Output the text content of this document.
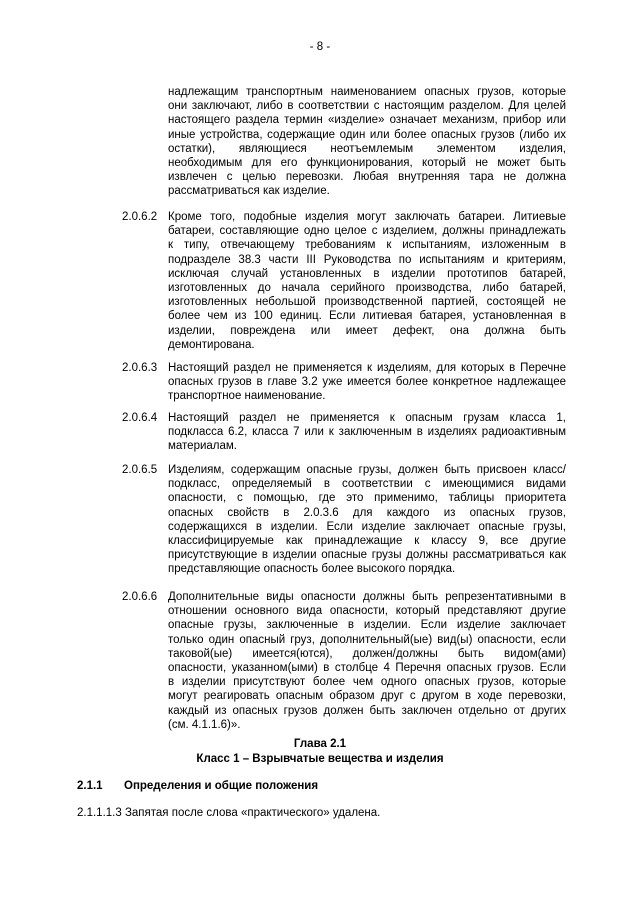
- 8 -
надлежащим транспортным наименованием опасных грузов, которые
они заключают, либо в соответствии с настоящим разделом. Для целей
настоящего раздела термин «изделие» означает механизм, прибор или
иные устройства, содержащие один или более опасных грузов (либо их
остатки), являющиеся неотъемлемым элементом изделия,
необходимым для его функционирования, который не может быть
извлечен с целью перевозки. Любая внутренняя тара не должна
рассматриваться как изделие.
2.0.6.2 Кроме того, подобные изделия могут заключать батареи. Литиевые
батареи, составляющие одно целое с изделием, должны принадлежать
к типу, отвечающему требованиям к испытаниям, изложенным в
подразделе 38.3 части III Руководства по испытаниям и критериям,
исключая случай установленных в изделии прототипов батарей,
изготовленных до начала серийного производства, либо батарей,
изготовленных небольшой производственной партией, состоящей не
более чем из 100 единиц. Если литиевая батарея, установленная в
изделии, повреждена или имеет дефект, она должна быть
демонтирована.
2.0.6.3 Настоящий раздел не применяется к изделиям, для которых в Перечне
опасных грузов в главе 3.2 уже имеется более конкретное надлежащее
транспортное наименование.
2.0.6.4 Настоящий раздел не применяется к опасным грузам класса 1,
подкласса 6.2, класса 7 или к заключенным в изделиях радиоактивным
материалам.
2.0.6.5 Изделиям, содержащим опасные грузы, должен быть присвоен класс/
подкласс, определяемый в соответствии с имеющимися видами
опасности, с помощью, где это применимо, таблицы приоритета
опасных свойств в 2.0.3.6 для каждого из опасных грузов,
содержащихся в изделии. Если изделие заключает опасные грузы,
классифицируемые как принадлежащие к классу 9, все другие
присутствующие в изделии опасные грузы должны рассматриваться как
представляющие опасность более высокого порядка.
2.0.6.6 Дополнительные виды опасности должны быть репрезентативными в
отношении основного вида опасности, который представляют другие
опасные грузы, заключенные в изделии. Если изделие заключает
только один опасный груз, дополнительный(ые) вид(ы) опасности, если
таковой(ые) имеется(ются), должен/должны быть видом(ами)
опасности, указанном(ыми) в столбце 4 Перечня опасных грузов. Если
в изделии присутствуют более чем одного опасных грузов, которые
могут реагировать опасным образом друг с другом в ходе перевозки,
каждый из опасных грузов должен быть заключен отдельно от других
(см. 4.1.1.6)».
Глава 2.1
Класс 1 – Взрывчатые вещества и изделия
2.1.1 Определения и общие положения
2.1.1.1.3 Запятая после слова «практического» удалена.
